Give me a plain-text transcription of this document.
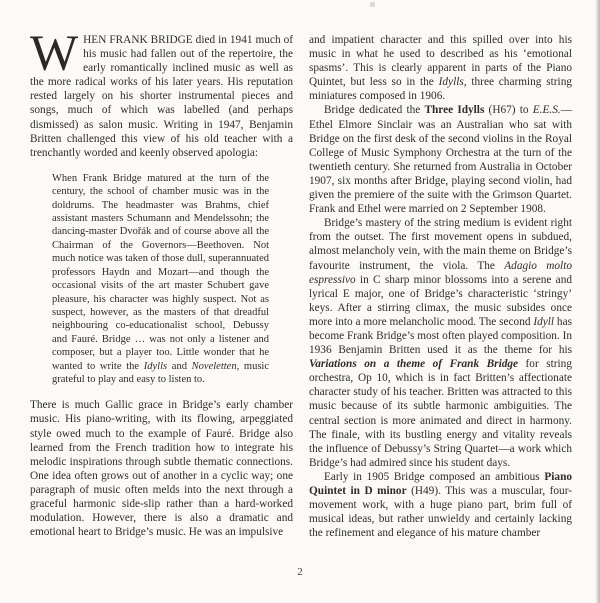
WHEN FRANK BRIDGE died in 1941 much of his music had fallen out of the repertoire, the early romantically inclined music as well as the more radical works of his later years. His reputation rested largely on his shorter instrumental pieces and songs, much of which was labelled (and perhaps dismissed) as salon music. Writing in 1947, Benjamin Britten challenged this view of his old teacher with a trenchantly worded and keenly observed apologia:

When Frank Bridge matured at the turn of the century, the school of chamber music was in the doldrums. The headmaster was Brahms, chief assistant masters Schumann and Mendelssohn; the dancing-master Dvořák and of course above all the Chairman of the Governors—Beethoven. Not much notice was taken of those dull, superannuated professors Haydn and Mozart—and though the occasional visits of the art master Schubert gave pleasure, his character was highly suspect. Not as suspect, however, as the masters of that dreadful neighbouring co-educationalist school, Debussy and Fauré. Bridge … was not only a listener and composer, but a player too. Little wonder that he wanted to write the Idylls and Noveletten, music grateful to play and easy to listen to.

There is much Gallic grace in Bridge’s early chamber music. His piano-writing, with its flowing, arpeggiated style owed much to the example of Fauré. Bridge also learned from the French tradition how to integrate his melodic inspirations through subtle thematic connections. One idea often grows out of another in a cyclic way; one paragraph of music often melds into the next through a graceful harmonic side-slip rather than a hard-worked modulation. However, there is also a dramatic and emotional heart to Bridge’s music. He was an impulsive

and impatient character and this spilled over into his music in what he used to described as his ‘emotional spasms’. This is clearly apparent in parts of the Piano Quintet, but less so in the Idylls, three charming string miniatures composed in 1906.

Bridge dedicated the Three Idylls (H67) to E.E.S.—Ethel Elmore Sinclair was an Australian who sat with Bridge on the first desk of the second violins in the Royal College of Music Symphony Orchestra at the turn of the twentieth century. She returned from Australia in October 1907, six months after Bridge, playing second violin, had given the premiere of the suite with the Grimson Quartet. Frank and Ethel were married on 2 September 1908.

Bridge’s mastery of the string medium is evident right from the outset. The first movement opens in subdued, almost melancholy vein, with the main theme on Bridge’s favourite instrument, the viola. The Adagio molto espressivo in C sharp minor blossoms into a serene and lyrical E major, one of Bridge’s characteristic ‘stringy’ keys. After a stirring climax, the music subsides once more into a more melancholic mood. The second Idyll has become Frank Bridge’s most often played composition. In 1936 Benjamin Britten used it as the theme for his Variations on a theme of Frank Bridge for string orchestra, Op 10, which is in fact Britten’s affectionate character study of his teacher. Britten was attracted to this music because of its subtle harmonic ambiguities. The central section is more animated and direct in harmony. The finale, with its bustling energy and vitality reveals the influence of Debussy’s String Quartet—a work which Bridge’s had admired since his student days.

Early in 1905 Bridge composed an ambitious Piano Quintet in D minor (H49). This was a muscular, four-movement work, with a huge piano part, brim full of musical ideas, but rather unwieldy and certainly lacking the refinement and elegance of his mature chamber

2
